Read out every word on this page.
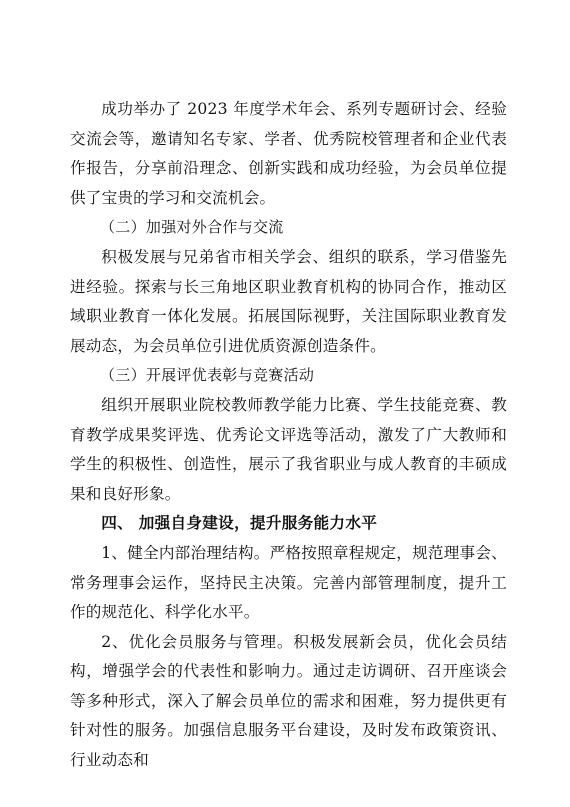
成功举办了 2023 年度学术年会、系列专题研讨会、经验交流会等，邀请知名专家、学者、优秀院校管理者和企业代表作报告，分享前沿理念、创新实践和成功经验，为会员单位提供了宝贵的学习和交流机会。

（二）加强对外合作与交流

积极发展与兄弟省市相关学会、组织的联系，学习借鉴先进经验。探索与长三角地区职业教育机构的协同合作，推动区域职业教育一体化发展。拓展国际视野，关注国际职业教育发展动态，为会员单位引进优质资源创造条件。

（三）开展评优表彰与竞赛活动

组织开展职业院校教师教学能力比赛、学生技能竞赛、教育教学成果奖评选、优秀论文评选等活动，激发了广大教师和学生的积极性、创造性，展示了我省职业与成人教育的丰硕成果和良好形象。

四、 加强自身建设，提升服务能力水平

1、健全内部治理结构。严格按照章程规定，规范理事会、常务理事会运作，坚持民主决策。完善内部管理制度，提升工作的规范化、科学化水平。

2、优化会员服务与管理。积极发展新会员，优化会员结构，增强学会的代表性和影响力。通过走访调研、召开座谈会等多种形式，深入了解会员单位的需求和困难，努力提供更有针对性的服务。加强信息服务平台建设，及时发布政策资讯、行业动态和
